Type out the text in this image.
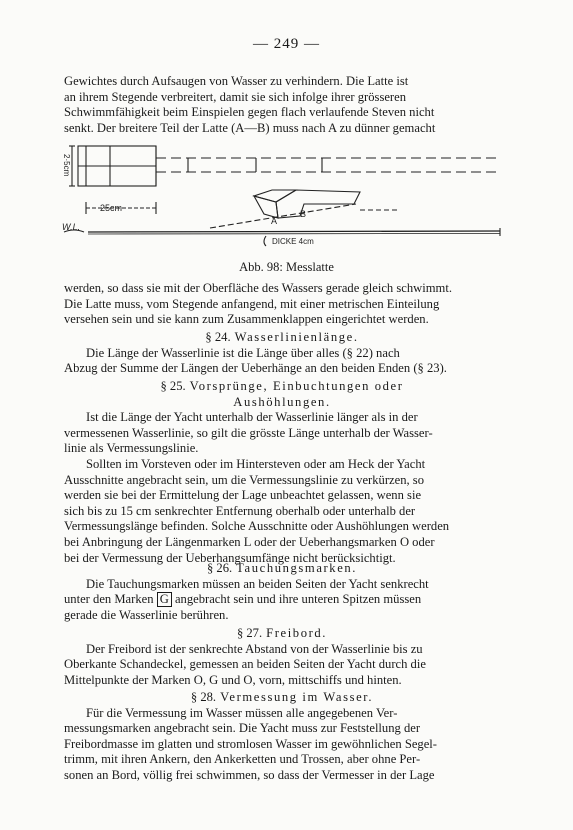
— 249 —

Gewichtes durch Aufsaugen von Wasser zu verhindern. Die Latte ist

an ihrem Stegende verbreitert, damit sie sich infolge ihrer grösseren

Schwimmfähigkeit beim Einspielen gegen flach verlaufende Steven nicht

senkt. Der breitere Teil der Latte (A—B) muss nach A zu dünner gemacht

2·5cm
25cm
A
B
W.L.
DICKE 4cm
Abb. 98: Messlatte

werden, so dass sie mit der Oberfläche des Wassers gerade gleich schwimmt.

Die Latte muss, vom Stegende anfangend, mit einer metrischen Einteilung

versehen sein und sie kann zum Zusammenklappen eingerichtet werden.

§ 24. Wasserlinienlänge.

Die Länge der Wasserlinie ist die Länge über alles (§ 22) nach

Abzug der Summe der Längen der Ueberhänge an den beiden Enden (§ 23).

§ 25. Vorsprünge, Einbuchtungen oder

Aushöhlungen.

Ist die Länge der Yacht unterhalb der Wasserlinie länger als in der

vermessenen Wasserlinie, so gilt die grösste Länge unterhalb der Wasser-

linie als Vermessungslinie.

Sollten im Vorsteven oder im Hintersteven oder am Heck der Yacht

Ausschnitte angebracht sein, um die Vermessungslinie zu verkürzen, so

werden sie bei der Ermittelung der Lage unbeachtet gelassen, wenn sie

sich bis zu 15 cm senkrechter Entfernung oberhalb oder unterhalb der

Vermessungslänge befinden. Solche Ausschnitte oder Aushöhlungen werden

bei Anbringung der Längenmarken L oder der Ueberhangsmarken O oder

bei der Vermessung der Ueberhangsumfänge nicht berücksichtigt.

§ 26. Tauchungsmarken.

Die Tauchungsmarken müssen an beiden Seiten der Yacht senkrecht

unter den Marken G angebracht sein und ihre unteren Spitzen müssen

gerade die Wasserlinie berühren.

§ 27. Freibord.

Der Freibord ist der senkrechte Abstand von der Wasserlinie bis zu

Oberkante Schandeckel, gemessen an beiden Seiten der Yacht durch die

Mittelpunkte der Marken O, G und O, vorn, mittschiffs und hinten.

§ 28. Vermessung im Wasser.

Für die Vermessung im Wasser müssen alle angegebenen Ver-

messungsmarken angebracht sein. Die Yacht muss zur Feststellung der

Freibordmasse im glatten und stromlosen Wasser im gewöhnlichen Segel-

trimm, mit ihren Ankern, den Ankerketten und Trossen, aber ohne Per-

sonen an Bord, völlig frei schwimmen, so dass der Vermesser in der Lage
